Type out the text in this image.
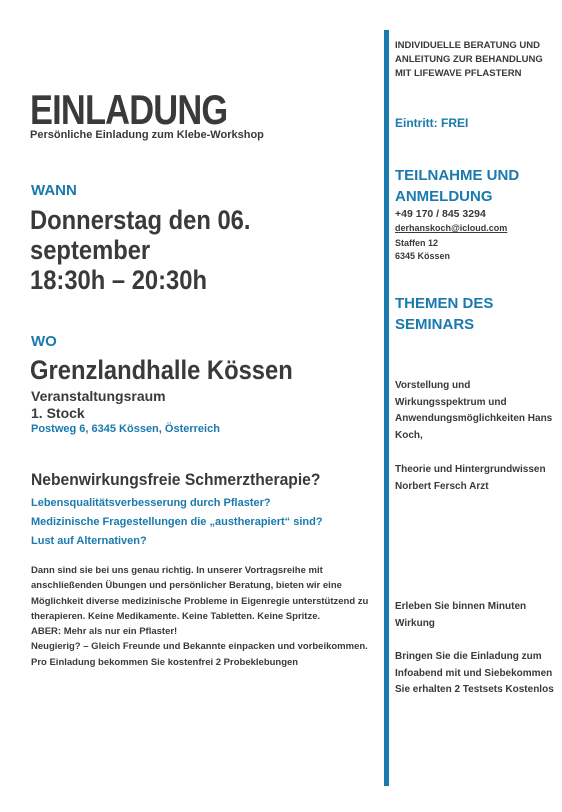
EINLADUNG
Persönliche Einladung zum Klebe-Workshop
WANN
Donnerstag den 06.
september
18:30h – 20:30h
WO
Grenzlandhalle Kössen
Veranstaltungsraum
1. Stock
Postweg 6, 6345 Kössen, Österreich
Nebenwirkungsfreie Schmerztherapie?
Lebensqualitätsverbesserung durch Pflaster?
Medizinische Fragestellungen die „austherapiert“ sind?
Lust auf Alternativen?
Dann sind sie bei uns genau richtig. In unserer Vortragsreihe mit
anschließenden Übungen und persönlicher Beratung, bieten wir eine
Möglichkeit diverse medizinische Probleme in Eigenregie unterstützend zu
therapieren. Keine Medikamente. Keine Tabletten. Keine Spritze.
ABER: Mehr als nur ein Pflaster!
Neugierig? – Gleich Freunde und Bekannte einpacken und vorbeikommen.
Pro Einladung bekommen Sie kostenfrei 2 Probeklebungen
INDIVIDUELLE BERATUNG UND ANLEITUNG ZUR BEHANDLUNG MIT LIFEWAVE PFLASTERN
Eintritt: FREI
TEILNAHME UND ANMELDUNG
+49 170 / 845 3294
derhanskoch@icloud.com
Staffen 12
6345 Kössen
THEMEN DES SEMINARS
Vorstellung und Wirkungsspektrum und Anwendungsmöglichkeiten Hans Koch,
Theorie und Hintergrundwissen Norbert Fersch Arzt
Erleben Sie binnen Minuten Wirkung
Bringen Sie die Einladung zum Infoabend mit und Siebekommen Sie erhalten 2 Testsets Kostenlos
